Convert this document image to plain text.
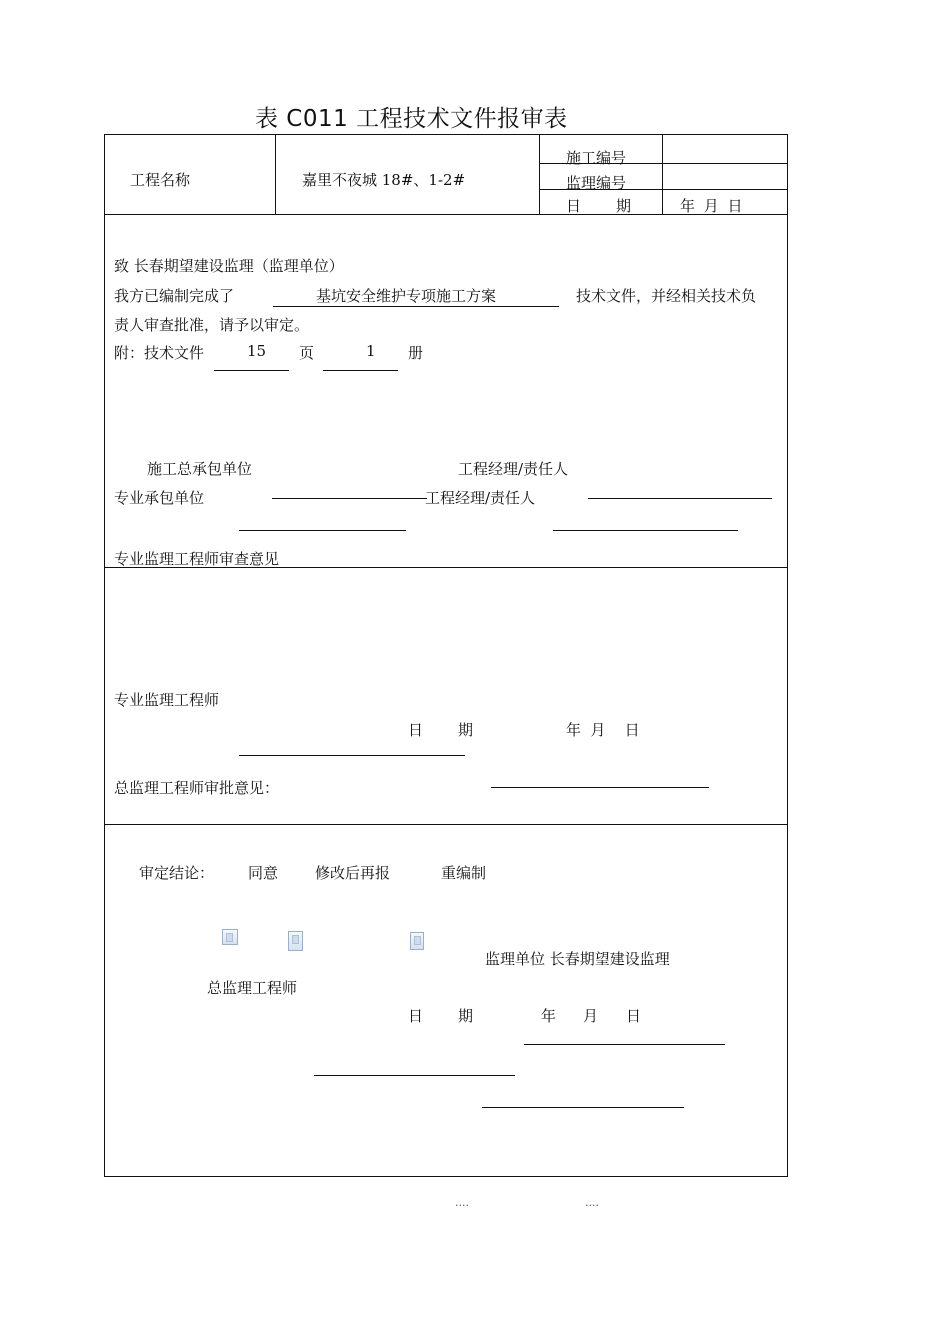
表 C011 工程技术文件报审表
工程名称	嘉里不夜城 18#、1-2#
施工编号
监理编号
日 期	年 月 日
致 长春期望建设监理（监理单位）
我方已编制完成了	基坑安全维护专项施工方案	技术文件，并经相关技术负
责人审查批准，请予以审定。
附：技术文件	15 页	1 册
施工总承包单位	工程经理/责任人
专业承包单位	工程经理/责任人
专业监理工程师审查意见
专业监理工程师
日 期	年  月    日
总监理工程师审批意见：
审定结论： 同意 修改后再报	重编制
监理单位 长春期望建设监理
总监理工程师
日 期	年 月 日
....	....
